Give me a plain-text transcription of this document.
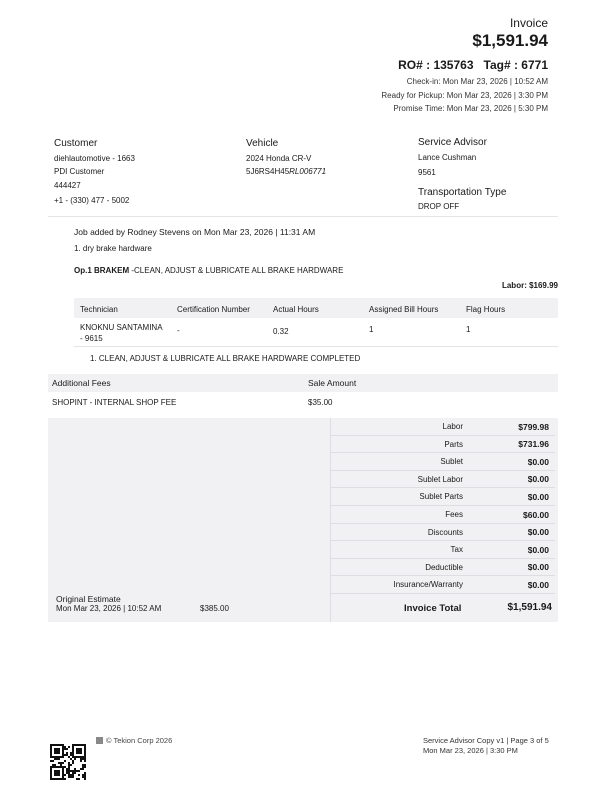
Invoice
$1,591.94
RO# : 135763 Tag# : 6771
Check-in: Mon Mar 23, 2026 | 10:52 AM
Ready for Pickup: Mon Mar 23, 2026 | 3:30 PM
Promise Time: Mon Mar 23, 2026 | 5:30 PM
Customer
diehlautomotive - 1663
PDI Customer
444427
+1 - (330) 477 - 5002
Vehicle
2024 Honda CR-V
5J6RS4H45RL006771
Service Advisor
Lance Cushman
9561
Transportation Type
DROP OFF
Job added by Rodney Stevens on Mon Mar 23, 2026 | 11:31 AM
1. dry brake hardware
Op.1 BRAKEM -CLEAN, ADJUST & LUBRICATE ALL BRAKE HARDWARE
Labor: $169.99
Technician	Certification Number	Actual Hours	Assigned Bill Hours	Flag Hours
KNOKNU SANTAMINA
- 9615
-	0.32	1	1
1. CLEAN, ADJUST & LUBRICATE ALL BRAKE HARDWARE COMPLETED
Additional Fees	Sale Amount
SHOPINT - INTERNAL SHOP FEE	$35.00
Labor	$799.98
Parts	$731.96
Sublet	$0.00
Sublet Labor	$0.00
Sublet Parts	$0.00
Fees	$60.00
Discounts	$0.00
Tax	$0.00
Deductible	$0.00
Insurance/Warranty	$0.00
Invoice Total	$1,591.94
Original Estimate
Mon Mar 23, 2026 | 10:52 AM	$385.00
© Tekion Corp 2026	Service Advisor Copy v1 | Page 3 of 5
Mon Mar 23, 2026 | 3:30 PM
